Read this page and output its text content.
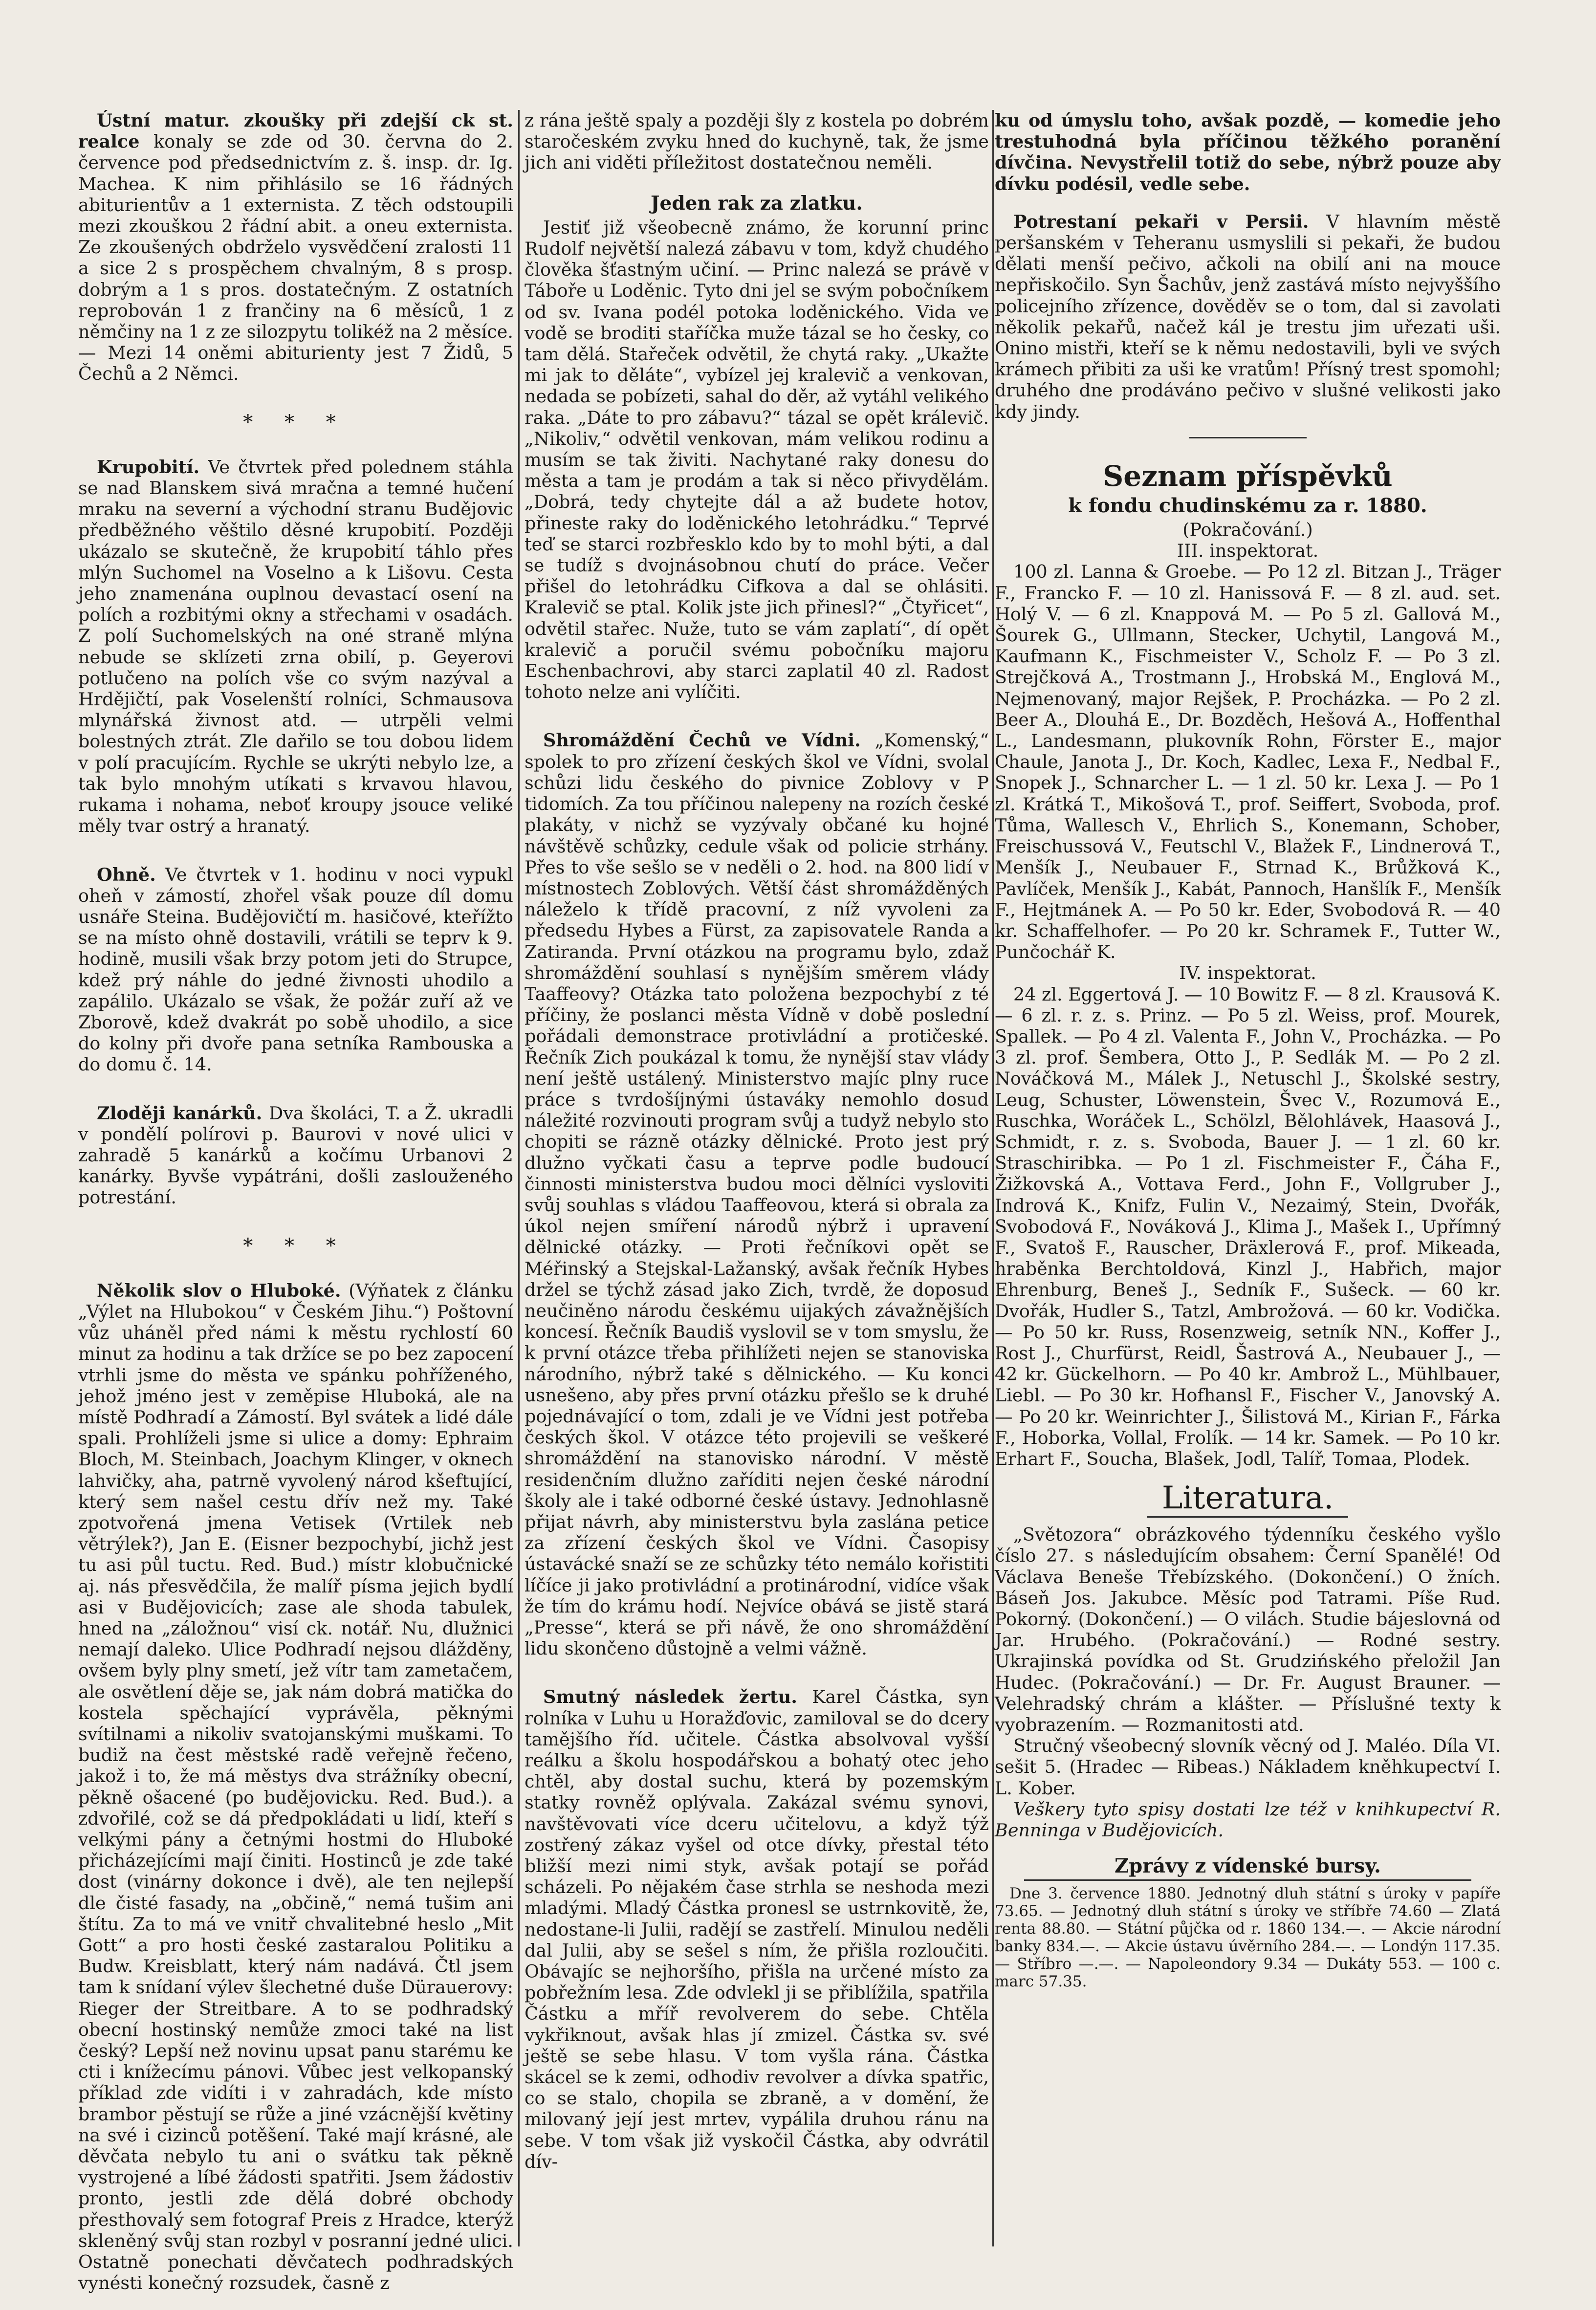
Ústní matur. zkoušky při zdejší ck st. realce konaly se zde od 30. června do 2. července pod předsednictvím z. š. insp. dr. Ig. Machea. K nim přihlásilo se 16 řádných abiturientův a 1 externista. Z těch odstoupili mezi zkouškou 2 řádní abit. a oneu externista. Ze zkoušených obdrželo vysvědčení zralosti 11 a sice 2 s prospěchem chvalným, 8 s prosp. dobrým a 1 s pros. dostatečným. Z ostatních reprobován 1 z frančiny na 6 měsíců, 1 z němčiny na 1 z ze silozpytu tolikéž na 2 měsíce. — Mezi 14 oněmi abiturienty jest 7 Židů, 5 Čechů a 2 Němci.

* * *

Krupobití. Ve čtvrtek před polednem stáhla se nad Blanskem sivá mračna a temné hučení mraku na severní a východní stranu Budějovic předběžného věštilo děsné krupobití. Později ukázalo se skutečně, že krupobití táhlo přes mlýn Suchomel na Voselno a k Lišovu. Cesta jeho znamenána ouplnou devastací osení na polích a rozbitými okny a střechami v osadách. Z polí Suchomelských na oné straně mlýna nebude se sklízeti zrna obilí, p. Geyerovi potlučeno na polích vše co svým nazýval a Hrdějičtí, pak Voselenští rolníci, Schmausova mlynářská živnost atd. — utrpěli velmi bolestných ztrát. Zle dařilo se tou dobou lidem v polí pracujícím. Rychle se ukrýti nebylo lze, a tak bylo mnohým utíkati s krvavou hlavou, rukama i nohama, neboť kroupy jsouce veliké měly tvar ostrý a hranatý.

Ohně. Ve čtvrtek v 1. hodinu v noci vypukl oheň v zámostí, zhořel však pouze díl domu usnáře Steina. Budějovičtí m. hasičové, kteřížto se na místo ohně dostavili, vrátili se teprv k 9. hodině, musili však brzy potom jeti do Strupce, kdež prý náhle do jedné živnosti uhodilo a zapálilo. Ukázalo se však, že požár zuří až ve Zborově, kdež dvakrát po sobě uhodilo, a sice do kolny při dvoře pana setníka Rambouska a do domu č. 14.

Zloději kanárků. Dva školáci, T. a Ž. ukradli v pondělí polírovi p. Baurovi v nové ulici v zahradě 5 kanárků a kočímu Urbanovi 2 kanárky. Byvše vypátráni, došli zaslouženého potrestání.

* * *

Několik slov o Hluboké. (Výňatek z článku „Výlet na Hlubokou“ v Českém Jihu.“) Poštovní vůz uháněl před námi k městu rychlostí 60 minut za hodinu a tak držíce se po bez zapocení vtrhli jsme do města ve spánku pohříženého, jehož jméno jest v zeměpise Hluboká, ale na místě Podhradí a Zámostí. Byl svátek a lidé dále spali. Prohlíželi jsme si ulice a domy: Ephraim Bloch, M. Steinbach, Joachym Klinger, v oknech lahvičky, aha, patrně vyvolený národ kšeftující, který sem našel cestu dřív než my. Také zpotvořená jmena Vetisek (Vrtilek neb větrýlek?), Jan E. (Eisner bezpochybí, jichž jest tu asi půl tuctu. Red. Bud.) místr klobučnické aj. nás přesvědčila, že malíř písma jejich bydlí asi v Budějovicích; zase ale shoda tabulek, hned na „záložnou“ visí ck. notář. Nu, dlužnici nemají daleko. Ulice Podhradí nejsou dlážděny, ovšem byly plny smetí, jež vítr tam zametačem, ale osvětlení děje se, jak nám dobrá matička do kostela spěchající vyprávěla, pěknými svítilnami a nikoliv svatojanskými muškami. To budiž na čest městské radě veřejně řečeno, jakož i to, že má městys dva strážníky obecní, pěkně ošacené (po budějovicku. Red. Bud.). a zdvořilé, což se dá předpokládati u lidí, kteří s velkými pány a četnými hostmi do Hluboké přicházejícími mají činiti. Hostinců je zde také dost (vinárny dokonce i dvě), ale ten nejlepší dle čisté fasady, na „občině,“ nemá tušim ani štítu. Za to má ve vnitř chvalitebné heslo „Mit Gott“ a pro hosti české zastaralou Politiku a Budw. Kreisblatt, který nám nadává. Čtl jsem tam k snídaní výlev šlechetné duše Dürauerovy: Rieger der Streitbare. A to se podhradský obecní hostinský nemůže zmoci také na list český? Lepší než novinu upsat panu starému ke cti i knížecímu pánovi. Vůbec jest velkopanský příklad zde vidíti i v zahradách, kde místo brambor pěstují se růže a jiné vzácnější květiny na své i cizinců potěšení. Také mají krásné, ale děvčata nebylo tu ani o svátku tak pěkně vystrojené a líbé žádosti spatřiti. Jsem žádostiv pronto, jestli zde dělá dobré obchody přesthovalý sem fotograf Preis z Hradce, kterýž skleněný svůj stan rozbyl v posranní jedné ulici. Ostatně ponechati děvčatech podhradských vynésti konečný rozsudek, časně z

z rána ještě spaly a později šly z kostela po dobrém staročeském zvyku hned do kuchyně, tak, že jsme jich ani viděti příležitost dostatečnou neměli.

Jeden rak za zlatku.

Jestiť již všeobecně známo, že korunní princ Rudolf největší nalezá zábavu v tom, když chudého člověka šťastným učiní. — Princ nalezá se právě v Táboře u Loděnic. Tyto dni jel se svým pobočníkem od sv. Ivana podél potoka loděnického. Vida ve vodě se broditi staříčka muže tázal se ho česky, co tam dělá. Stařeček odvětil, že chytá raky. „Ukažte mi jak to děláte“, vybízel jej kralevič a venkovan, nedada se pobízeti, sahal do děr, až vytáhl velikého raka. „Dáte to pro zábavu?“ tázal se opět králevič. „Nikoliv,“ odvětil venkovan, mám velikou rodinu a musím se tak živiti. Nachytané raky donesu do města a tam je prodám a tak si něco přivydělám. „Dobrá, tedy chytejte dál a až budete hotov, přineste raky do loděnického letohrádku.“ Teprvé teď se starci rozbřesklo kdo by to mohl býti, a dal se tudíž s dvojnásobnou chutí do práce. Večer přišel do letohrádku Cifkova a dal se ohlásiti. Kralevič se ptal. Kolik jste jich přinesl?“ „Čtyřicet“, odvětil stařec. Nuže, tuto se vám zaplatí“, dí opět kralevič a poručil svému pobočníku majoru Eschenbachrovi, aby starci zaplatil 40 zl. Radost tohoto nelze ani vylíčiti.

Shromáždění Čechů ve Vídni. „Komenský,“ spolek to pro zřízení českých škol ve Vídni, svolal schůzi lidu českého do pivnice Zoblovy v P tidomích. Za tou příčinou nalepeny na rozích české plakáty, v nichž se vyzývaly občané ku hojné návštěvě schůzky, cedule však od policie strhány. Přes to vše sešlo se v neděli o 2. hod. na 800 lidí v místnostech Zoblových. Větší část shromážděných náleželo k třídě pracovní, z níž vyvoleni za předsedu Hybes a Fürst, za zapisovatele Randa a Zatiranda. První otázkou na programu bylo, zdaž shromáždění souhlasí s nynějším směrem vlády Taaffeovy? Otázka tato položena bezpochybí z té příčiny, že poslanci města Vídně v době poslední pořádali demonstrace protivládní a protičeské. Řečník Zich poukázal k tomu, že nynější stav vlády není ještě ustálený. Ministerstvo majíc plny ruce práce s tvrdošíjnými ústaváky nemohlo dosud náležité rozvinouti program svůj a tudyž nebylo sto chopiti se rázně otázky dělnické. Proto jest prý dlužno vyčkati času a teprve podle budoucí činnosti ministerstva budou moci dělníci vysloviti svůj souhlas s vládou Taaffeovou, která si obrala za úkol nejen smíření národů nýbrž i upravení dělnické otázky. — Proti řečníkovi opět se Méřinský a Stejskal-Lažanský, avšak řečník Hybes držel se týchž zásad jako Zich, tvrdě, že doposud neučiněno národu českému uijakých závažnějších koncesí. Řečník Baudiš vyslovil se v tom smyslu, že k první otázce třeba přihlížeti nejen se stanoviska národního, nýbrž také s dělnického. — Ku konci usnešeno, aby přes první otázku přešlo se k druhé pojednávající o tom, zdali je ve Vídni jest potřeba českých škol. V otázce této projevili se veškeré shromáždění na stanovisko národní. V městě residenčním dlužno zaříditi nejen české národní školy ale i také odborné české ústavy. Jednohlasně přijat návrh, aby ministerstvu byla zaslána petice za zřízení českých škol ve Vídni. Časopisy ústavácké snaží se ze schůzky této nemálo kořistiti líčíce ji jako protivládní a protinárodní, vidíce však že tím do krámu hodí. Nejvíce obává se jistě stará „Presse“, která se při návě, že ono shromáždění lidu skončeno důstojně a velmi vážně.

Smutný následek žertu. Karel Částka, syn rolníka v Luhu u Horažďovic, zamiloval se do dcery tamějšího říd. učitele. Částka absolvoval vyšší reálku a školu hospodářskou a bohatý otec jeho chtěl, aby dostal suchu, která by pozemským statky rovněž oplývala. Zakázal svému synovi, navštěvovati více dceru učitelovu, a když týž zostřený zákaz vyšel od otce dívky, přestal této bližší mezi nimi styk, avšak potají se pořád scházeli. Po nějakém čase strhla se neshoda mezi mladými. Mladý Částka pronesl se ustrnkovitě, že, nedostane-li Julii, radějí se zastřelí. Minulou neděli dal Julii, aby se sešel s ním, že přišla rozloučiti. Obávajíc se nejhoršího, přišla na určené místo za pobřežním lesa. Zde odvlekl ji se přiblížila, spatřila Částku a mříř revolverem do sebe. Chtěla vykřiknout, avšak hlas jí zmizel. Částka sv. své ještě se sebe hlasu. V tom vyšla rána. Částka skácel se k zemi, odhodiv revolver a dívka spatřic, co se stalo, chopila se zbraně, a v domění, že milovaný její jest mrtev, vypálila druhou ránu na sebe. V tom však již vyskočil Částka, aby odvrátil dív-

ku od úmyslu toho, avšak pozdě, — komedie jeho trestuhodná byla příčinou těžkého poranění dívčina. Nevystřelil totiž do sebe, nýbrž pouze aby dívku podésil, vedle sebe.

Potrestaní pekaři v Persii. V hlavním městě peršanském v Teheranu usmyslili si pekaři, že budou dělati menší pečivo, ačkoli na obilí ani na mouce nepřiskočilo. Syn Šachův, jenž zastává místo nejvyššího policejního zřízence, dověděv se o tom, dal si zavolati několik pekařů, načež kál je trestu jim uřezati uši. Onino mistři, kteří se k němu nedostavili, byli ve svých krámech přibiti za uši ke vratům! Přísný trest spomohl; druhého dne prodáváno pečivo v slušné velikosti jako kdy jindy.

Seznam příspěvků
k fondu chudinskému za r. 1880.
(Pokračování.)
III. inspektorat.

100 zl. Lanna & Groebe. — Po 12 zl. Bitzan J., Träger F., Francko F. — 10 zl. Hanissová F. — 8 zl. aud. set. Holý V. — 6 zl. Knappová M. — Po 5 zl. Gallová M., Šourek G., Ullmann, Stecker, Uchytil, Langová M., Kaufmann K., Fischmeister V., Scholz F. — Po 3 zl. Strejčková A., Trostmann J., Hrobská M., Englová M., Nejmenovaný, major Rejšek, P. Procházka. — Po 2 zl. Beer A., Dlouhá E., Dr. Bozděch, Hešová A., Hoffenthal L., Landesmann, plukovník Rohn, Förster E., major Chaule, Janota J., Dr. Koch, Kadlec, Lexa F., Nedbal F., Snopek J., Schnarcher L. — 1 zl. 50 kr. Lexa J. — Po 1 zl. Krátká T., Mikošová T., prof. Seiffert, Svoboda, prof. Tůma, Wallesch V., Ehrlich S., Konemann, Schober, Freischussová V., Feutschl V., Blažek F., Lindnerová T., Menšík J., Neubauer F., Strnad K., Brůžková K., Pavlíček, Menšík J., Kabát, Pannoch, Hanšlík F., Menšík F., Hejtmánek A. — Po 50 kr. Eder, Svobodová R. — 40 kr. Schaffelhofer. — Po 20 kr. Schramek F., Tutter W., Punčochář K.

IV. inspektorat.

24 zl. Eggertová J. — 10 Bowitz F. — 8 zl. Krausová K. — 6 zl. r. z. s. Prinz. — Po 5 zl. Weiss, prof. Mourek, Spallek. — Po 4 zl. Valenta F., John V., Procházka. — Po 3 zl. prof. Šembera, Otto J., P. Sedlák M. — Po 2 zl. Nováčková M., Málek J., Netuschl J., Školské sestry, Leug, Schuster, Löwenstein, Švec V., Rozumová E., Ruschka, Woráček L., Schölzl, Bělohlávek, Haasová J., Schmidt, r. z. s. Svoboda, Bauer J. — 1 zl. 60 kr. Straschiribka. — Po 1 zl. Fischmeister F., Čáha F., Žižkovská A., Vottava Ferd., John F., Vollgruber J., Indrová K., Knifz, Fulin V., Nezaimý, Stein, Dvořák, Svobodová F., Nováková J., Klima J., Mašek I., Upřímný F., Svatoš F., Rauscher, Dräxlerová F., prof. Mikeada, hraběnka Berchtoldová, Kinzl J., Habřich, major Ehrenburg, Beneš J., Sedník F., Sušeck. — 60 kr. Dvořák, Hudler S., Tatzl, Ambrožová. — 60 kr. Vodička. — Po 50 kr. Russ, Rosenzweig, setník NN., Koffer J., Rost J., Churfürst, Reidl, Šastrová A., Neubauer J., — 42 kr. Gückelhorn. — Po 40 kr. Ambrož L., Mühlbauer, Liebl. — Po 30 kr. Hofhansl F., Fischer V., Janovský A. — Po 20 kr. Weinrichter J., Šilistová M., Kirian F., Fárka F., Hoborka, Vollal, Frolík. — 14 kr. Samek. — Po 10 kr. Erhart F., Soucha, Blašek, Jodl, Talíř, Tomaa, Plodek.

Literatura.

„Světozora“ obrázkového týdenníku českého vyšlo číslo 27. s následujícím obsahem: Černí Spanělé! Od Václava Beneše Třebízského. (Dokončení.) O žních. Báseň Jos. Jakubce. Měsíc pod Tatrami. Píše Rud. Pokorný. (Dokončení.) — O vilách. Studie bájeslovná od Jar. Hrubého. (Pokračování.) — Rodné sestry. Ukrajinská povídka od St. Grudzińského přeložil Jan Hudec. (Pokračování.) — Dr. Fr. August Brauner. — Velehradský chrám a klášter. — Příslušné texty k vyobrazením. — Rozmanitosti atd.

Stručný všeobecný slovník věcný od J. Maléo. Díla VI. sešit 5. (Hradec — Ribeas.) Nákladem kněhkupectví I. L. Kober.

Veškery tyto spisy dostati lze též v knihkupectví R. Benninga v Budějovicích.

Zprávy z vídenské bursy.

Dne 3. července 1880. Jednotný dluh státní s úroky v papíře 73.65. — Jednotný dluh státní s úroky ve stříbře 74.60 — Zlatá renta 88.80. — Státní půjčka od r. 1860 134.—. — Akcie národní banky 834.—. — Akcie ústavu úvěrního 284.—. — Londýn 117.35. — Stříbro —.—. — Napoleondory 9.34 — Dukáty 553. — 100 c. marc 57.35.
